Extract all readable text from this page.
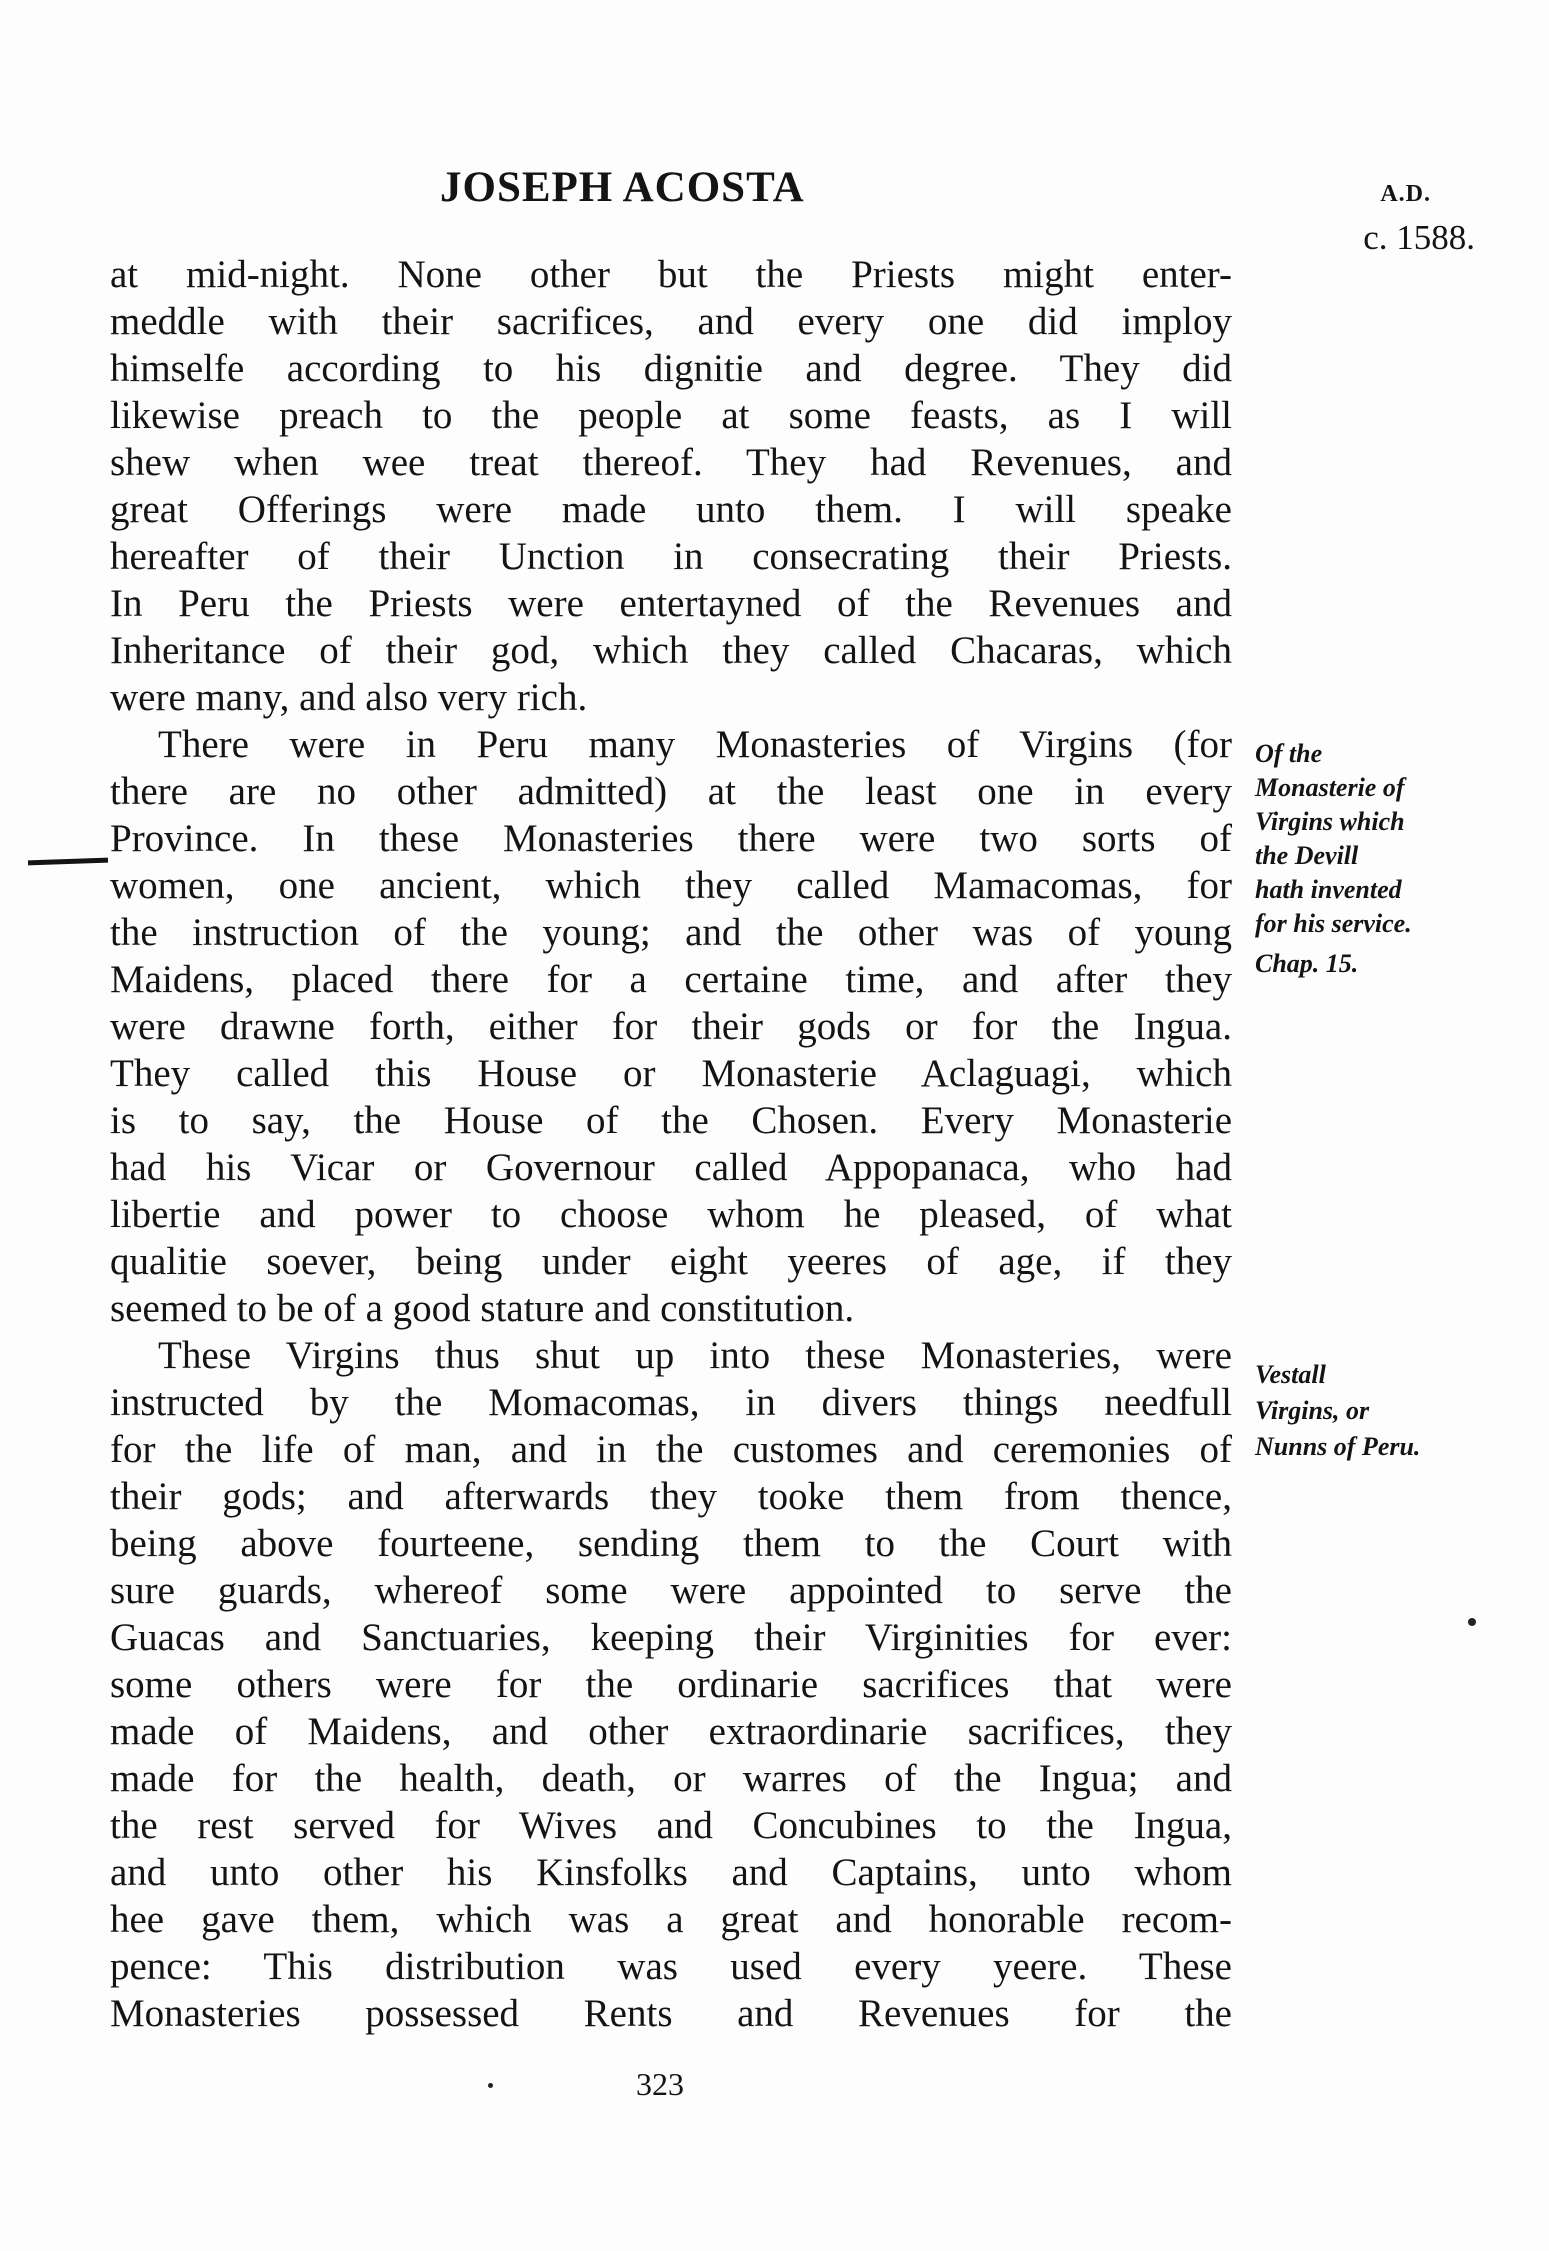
JOSEPH ACOSTA	A.D.
c. 1588.
at mid-night. None other but the Priests might enter-
meddle with their sacrifices, and every one did imploy
himselfe according to his dignitie and degree. They did
likewise preach to the people at some feasts, as I will
shew when wee treat thereof. They had Revenues, and
great Offerings were made unto them. I will speake
hereafter of their Unction in consecrating their Priests.
In Peru the Priests were entertayned of the Revenues and
Inheritance of their god, which they called Chacaras, which
were many, and also very rich.
There were in Peru many Monasteries of Virgins (for
there are no other admitted) at the least one in every
Province. In these Monasteries there were two sorts of
women, one ancient, which they called Mamacomas, for
the instruction of the young; and the other was of young
Maidens, placed there for a certaine time, and after they
were drawne forth, either for their gods or for the Ingua.
They called this House or Monasterie Aclaguagi, which
is to say, the House of the Chosen. Every Monasterie
had his Vicar or Governour called Appopanaca, who had
libertie and power to choose whom he pleased, of what
qualitie soever, being under eight yeeres of age, if they
seemed to be of a good stature and constitution.
These Virgins thus shut up into these Monasteries, were
instructed by the Momacomas, in divers things needfull
for the life of man, and in the customes and ceremonies of
their gods; and afterwards they tooke them from thence,
being above fourteene, sending them to the Court with
sure guards, whereof some were appointed to serve the
Guacas and Sanctuaries, keeping their Virginities for ever:
some others were for the ordinarie sacrifices that were
made of Maidens, and other extraordinarie sacrifices, they
made for the health, death, or warres of the Ingua; and
the rest served for Wives and Concubines to the Ingua,
and unto other his Kinsfolks and Captains, unto whom
hee gave them, which was a great and honorable recom-
pence: This distribution was used every yeere. These
Monasteries possessed Rents and Revenues for the
Of the
Monasterie of
Virgins which
the Devill
hath invented
for his service.
Chap. 15.
Vestall
Virgins, or
Nunns of Peru.
323
